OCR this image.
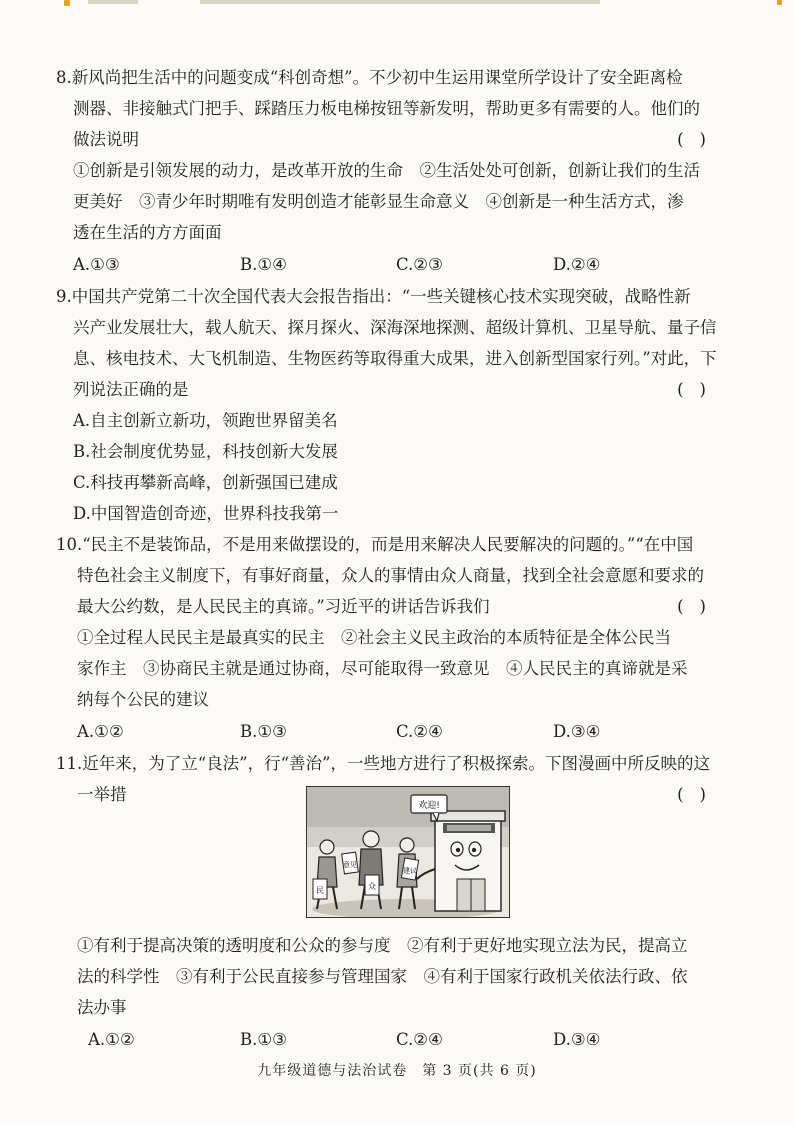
8.新风尚把生活中的问题变成“科创奇想”。不少初中生运用课堂所学设计了安全距离检
测器、非接触式门把手、踩踏压力板电梯按钮等新发明，帮助更多有需要的人。他们的
做法说明	()
①创新是引领发展的动力，是改革开放的生命　②生活处处可创新，创新让我们的生活
更美好　③青少年时期唯有发明创造才能彰显生命意义　④创新是一种生活方式，渗
透在生活的方方面面
A.①③	B.①④	C.②③	D.②④
9.中国共产党第二十次全国代表大会报告指出：“一些关键核心技术实现突破，战略性新
兴产业发展壮大，载人航天、探月探火、深海深地探测、超级计算机、卫星导航、量子信
息、核电技术、大飞机制造、生物医药等取得重大成果，进入创新型国家行列。”对此，下
列说法正确的是	()
A.自主创新立新功，领跑世界留美名
B.社会制度优势显，科技创新大发展
C.科技再攀新高峰，创新强国已建成
D.中国智造创奇迹，世界科技我第一
10.“民主不是装饰品，不是用来做摆设的，而是用来解决人民要解决的问题的。”“在中国
特色社会主义制度下，有事好商量，众人的事情由众人商量，找到全社会意愿和要求的
最大公约数，是人民民主的真谛。”习近平的讲话告诉我们	()
①全过程人民民主是最真实的民主　②社会主义民主政治的本质特征是全体公民当
家作主　③协商民主就是通过协商，尽可能取得一致意见　④人民民主的真谛就是采
纳每个公民的建议
A.①②	B.①③	C.②④	D.③④
11.近年来，为了立“良法”，行“善治”，一些地方进行了积极探索。下图漫画中所反映的这
一举措	()
欢迎!
民
意见
众
建议
①有利于提高决策的透明度和公众的参与度　②有利于更好地实现立法为民，提高立
法的科学性　③有利于公民直接参与管理国家　④有利于国家行政机关依法行政、依
法办事
A.①②	B.①③	C.②④	D.③④
九年级道德与法治试卷　第 3 页(共 6 页)
